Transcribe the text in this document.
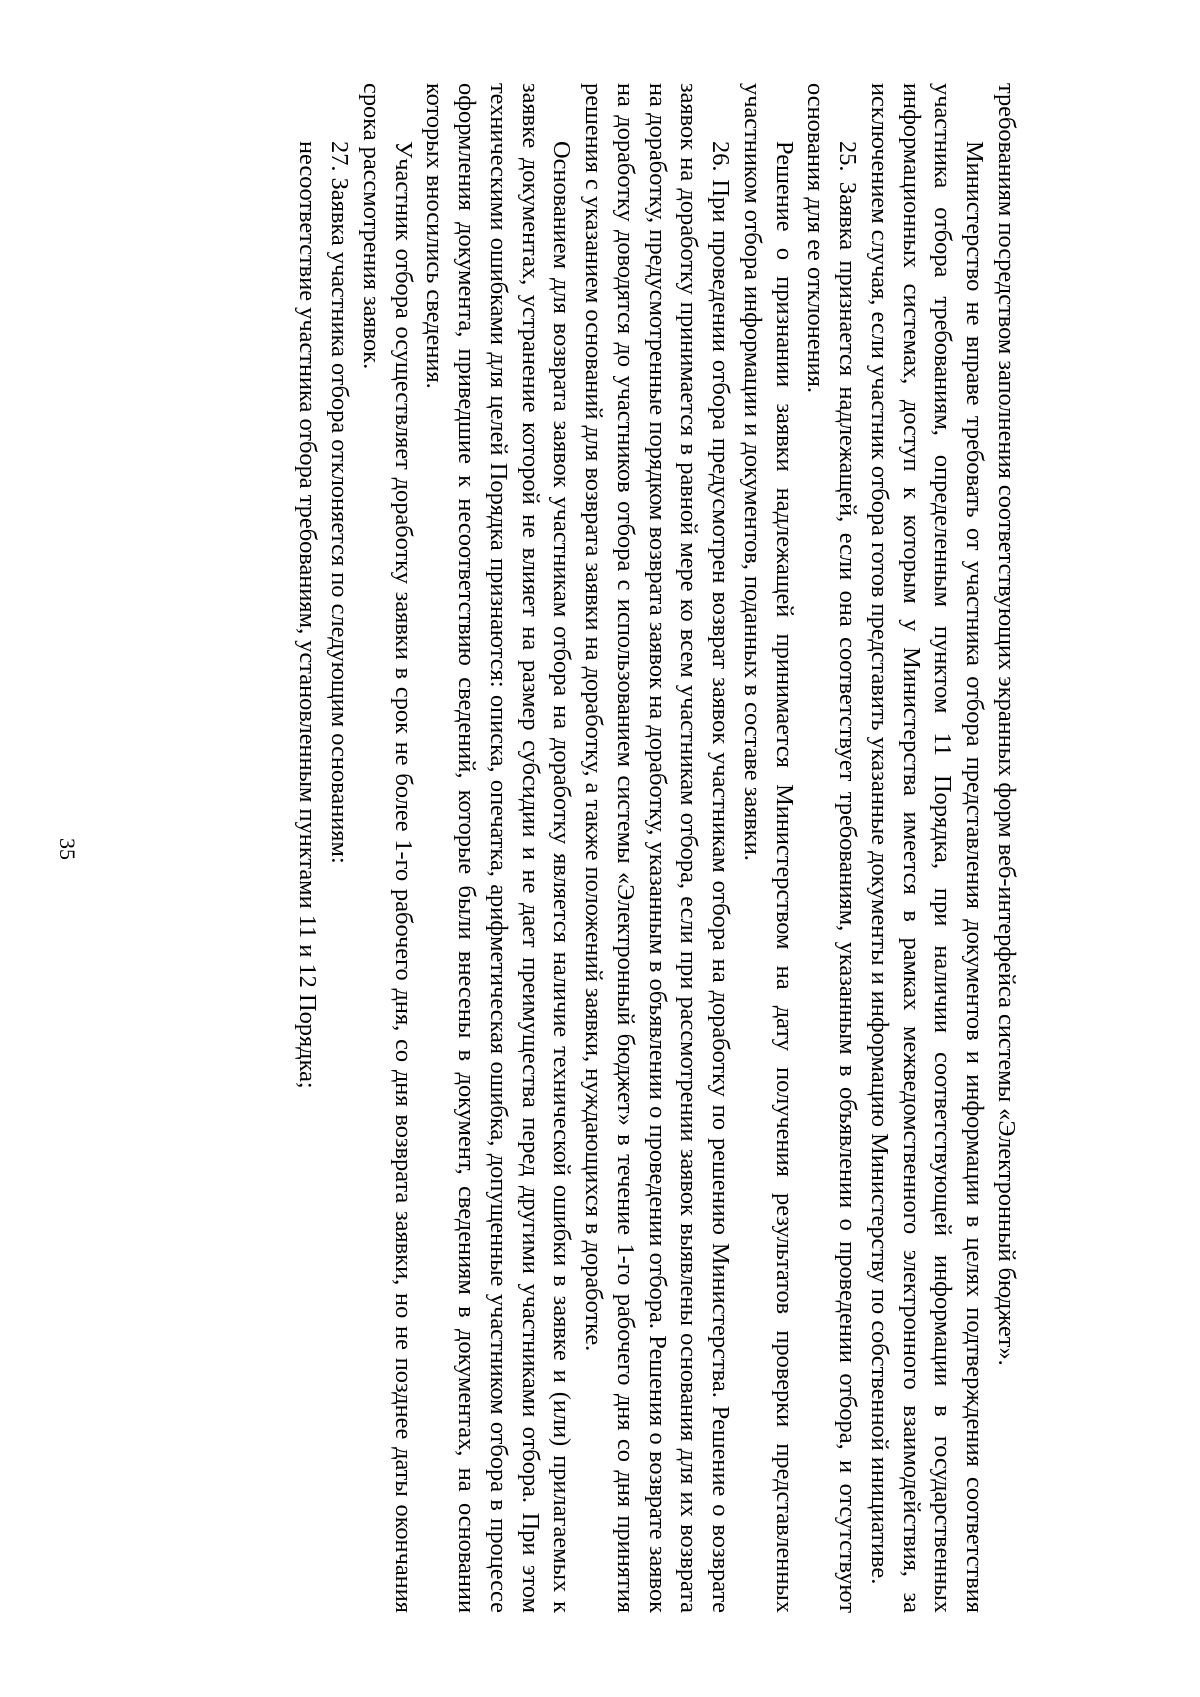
35	требованиям посредством заполнения соответствующих экранных форм веб-интерфейса системы «Электронный бюджет».

Министерство не вправе требовать от участника отбора представления документов и информации в целях подтверждения соответствия участника отбора требованиям, определенным пунктом 11 Порядка, при наличии соответствующей информации в государственных информационных системах, доступ к которым у Министерства имеется в рамках межведомственного электронного взаимодействия, за исключением случая, если участник отбора готов представить указанные документы и информацию Министерству по собственной инициативе.

25. Заявка признается надлежащей, если она соответствует требованиям, указанным в объявлении о проведении отбора, и отсутствуют основания для ее отклонения.

Решение о признании заявки надлежащей принимается Министерством на дату получения результатов проверки представленных участником отбора информации и документов, поданных в составе заявки.

26. При проведении отбора предусмотрен возврат заявок участникам отбора на доработку по решению Министерства. Решение о возврате заявок на доработку принимается в равной мере ко всем участникам отбора, если при рассмотрении заявок выявлены основания для их возврата на доработку, предусмотренные порядком возврата заявок на доработку, указанным в объявлении о проведении отбора. Решения о возврате заявок на доработку доводятся до участников отбора с использованием системы «Электронный бюджет» в течение 1-го рабочего дня со дня принятия решения с указанием оснований для возврата заявки на доработку, а также положений заявки, нуждающихся в доработке.

Основанием для возврата заявок участникам отбора на доработку является наличие технической ошибки в заявке и (или) прилагаемых к заявке документах, устранение которой не влияет на размер субсидии и не дает преимущества перед другими участниками отбора. При этом техническими ошибками для целей Порядка признаются: описка, опечатка, арифметическая ошибка, допущенные участником отбора в процессе оформления документа, приведшие к несоответствию сведений, которые были внесены в документ, сведениям в документах, на основании которых вносились сведения.

Участник отбора осуществляет доработку заявки в срок не более 1-го рабочего дня, со дня возврата заявки, но не позднее даты окончания срока рассмотрения заявок.

27. Заявка участника отбора отклоняется по следующим основаниям:

несоответствие участника отбора требованиям, установленным пунктами 11 и 12 Порядка;
